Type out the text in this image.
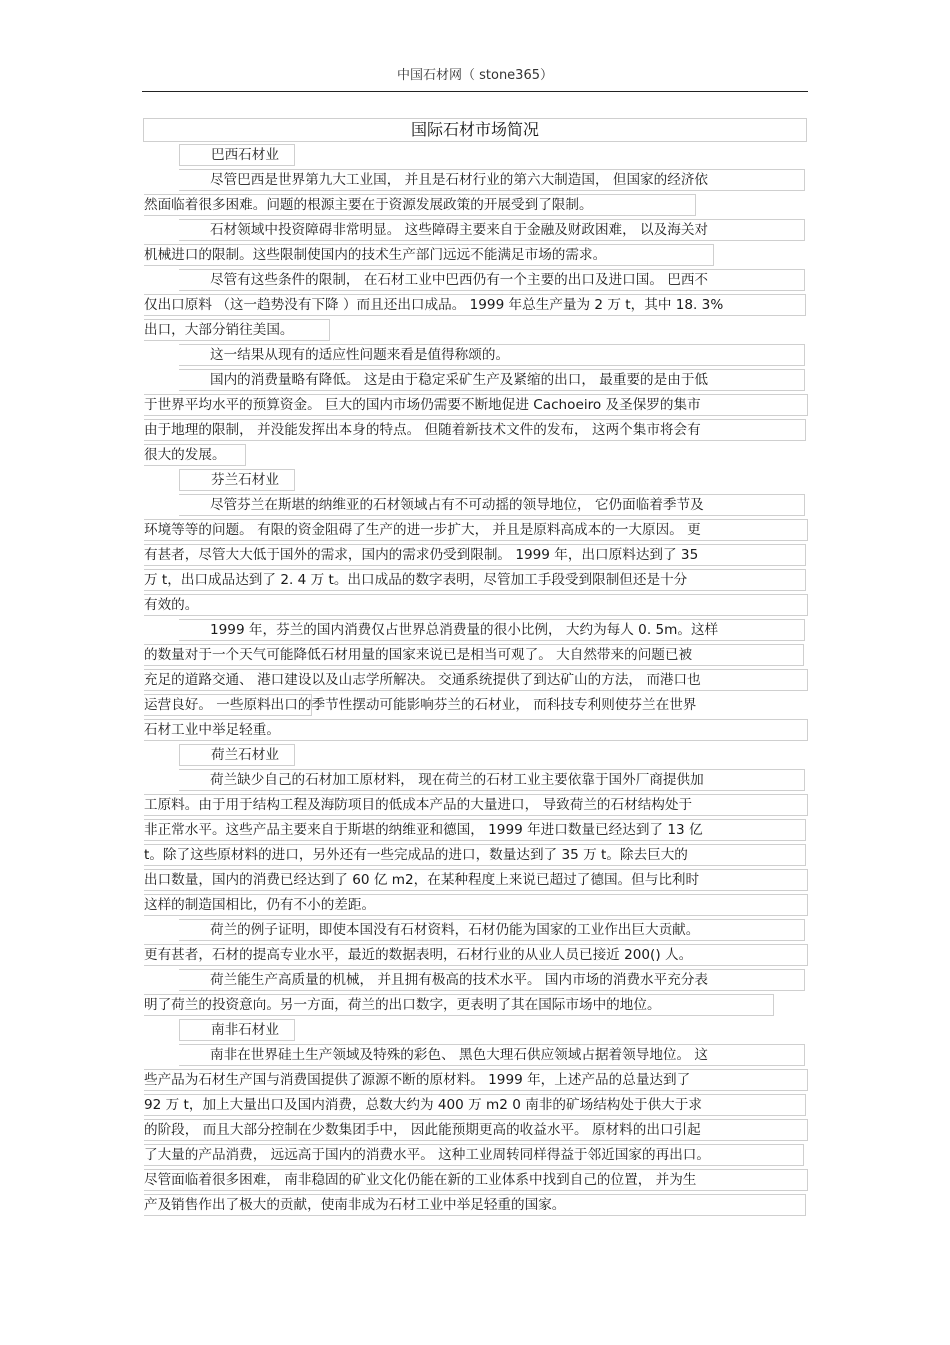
中国石材网（ stone365）
国际石材市场简况
巴西石材业
尽管巴西是世界第九大工业国， 并且是石材行业的第六大制造国， 但国家的经济依
然面临着很多困难。问题的根源主要在于资源发展政策的开展受到了限制。
石材领域中投资障碍非常明显。 这些障碍主要来自于金融及财政困难， 以及海关对
机械进口的限制。这些限制使国内的技术生产部门远远不能满足市场的需求。
尽管有这些条件的限制， 在石材工业中巴西仍有一个主要的出口及进口国。 巴西不
仅出口原料 （这一趋势没有下降 ）而且还出口成品。 1999 年总生产量为 2 万 t，其中 18. 3%
出口，大部分销往美国。
这一结果从现有的适应性问题来看是值得称颂的。
国内的消费量略有降低。 这是由于稳定采矿生产及紧缩的出口， 最重要的是由于低
于世界平均水平的预算资金。 巨大的国内市场仍需要不断地促进 Cachoeiro 及圣保罗的集市
由于地理的限制， 并没能发挥出本身的特点。 但随着新技术文件的发布， 这两个集市将会有
很大的发展。
芬兰石材业
尽管芬兰在斯堪的纳维亚的石材领域占有不可动摇的领导地位， 它仍面临着季节及
环境等等的问题。 有限的资金阻碍了生产的进一步扩大， 并且是原料高成本的一大原因。 更
有甚者，尽管大大低于国外的需求，国内的需求仍受到限制。 1999 年，出口原料达到了 35
万 t，出口成品达到了 2. 4 万 t。出口成品的数字表明，尽管加工手段受到限制但还是十分
有效的。
1999 年，芬兰的国内消费仅占世界总消费量的很小比例， 大约为每人 0. 5m。这样
的数量对于一个天气可能降低石材用量的国家来说已是相当可观了。 大自然带来的问题已被
充足的道路交通、 港口建设以及山志学所解决。 交通系统提供了到达矿山的方法， 而港口也
运营良好。 一些原料出口的季节性摆动可能影响芬兰的石材业， 而科技专利则使芬兰在世界
石材工业中举足轻重。
荷兰石材业
荷兰缺少自己的石材加工原材料， 现在荷兰的石材工业主要依靠于国外厂商提供加
工原料。由于用于结构工程及海防项目的低成本产品的大量进口， 导致荷兰的石材结构处于
非正常水平。这些产品主要来自于斯堪的纳维亚和德国， 1999 年进口数量已经达到了 13 亿
t。除了这些原材料的进口，另外还有一些完成品的进口，数量达到了 35 万 t。除去巨大的
出口数量，国内的消费已经达到了 60 亿 m2，在某种程度上来说已超过了德国。但与比利时
这样的制造国相比，仍有不小的差距。
荷兰的例子证明，即使本国没有石材资料，石材仍能为国家的工业作出巨大贡献。
更有甚者，石材的提高专业水平，最近的数据表明，石材行业的从业人员已接近 200() 人。
荷兰能生产高质量的机械， 并且拥有极高的技术水平。 国内市场的消费水平充分表
明了荷兰的投资意向。另一方面，荷兰的出口数字，更表明了其在国际市场中的地位。
南非石材业
南非在世界硅土生产领域及特殊的彩色、 黑色大理石供应领域占据着领导地位。 这
些产品为石材生产国与消费国提供了源源不断的原材料。 1999 年，上述产品的总量达到了
92 万 t，加上大量出口及国内消费，总数大约为 400 万 m2 0 南非的矿场结构处于供大于求
的阶段， 而且大部分控制在少数集团手中， 因此能预期更高的收益水平。 原材料的出口引起
了大量的产品消费， 远远高于国内的消费水平。 这种工业周转同样得益于邻近国家的再出口。
尽管面临着很多困难， 南非稳固的矿业文化仍能在新的工业体系中找到自己的位置， 并为生
产及销售作出了极大的贡献，使南非成为石材工业中举足轻重的国家。
